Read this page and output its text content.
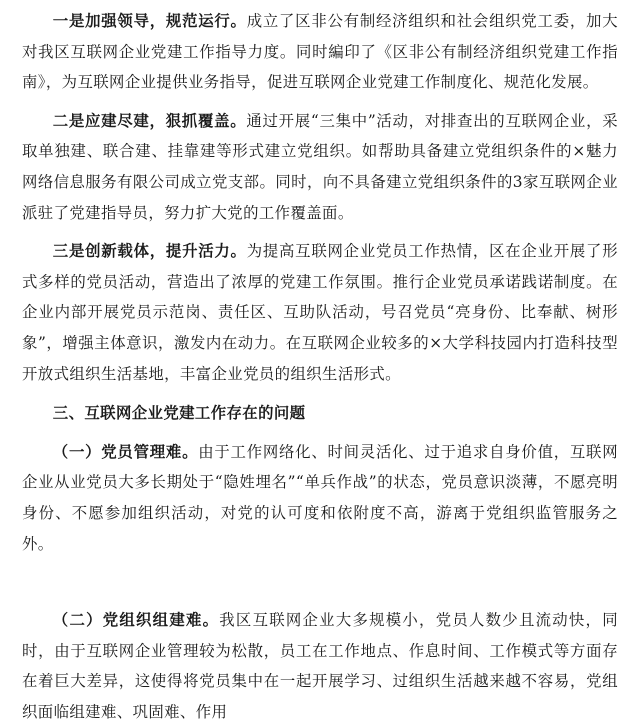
一是加强领导，规范运行。成立了区非公有制经济组织和社会组织党工委，加大对我区互联网企业党建工作指导力度。同时編印了《区非公有制经济组织党建工作指南》，为互联网企业提供业务指导，促进互联网企业党建工作制度化、规范化发展。

二是应建尽建，狠抓覆盖。通过开展“三集中”活动，对排查出的互联网企业，采取单独建、联合建、挂靠建等形式建立党组织。如帮助具备建立党组织条件的×魅力网络信息服务有限公司成立党支部。同时，向不具备建立党组织条件的3家互联网企业派驻了党建指导员，努力扩大党的工作覆盖面。

三是创新载体，提升活力。为提高互联网企业党员工作热情，区在企业开展了形式多样的党员活动，营造出了浓厚的党建工作氛围。推行企业党员承诺践诺制度。在企业内部开展党员示范岗、责任区、互助队活动，号召党员“亮身份、比奉献、树形象”，增强主体意识，激发内在动力。在互联网企业较多的×大学科技园内打造科技型开放式组织生活基地，丰富企业党员的组织生活形式。

三、互联网企业党建工作存在的问题

（一）党员管理难。由于工作网络化、时间灵活化、过于追求自身价值，互联网企业从业党员大多长期处于“隐姓埋名”“单兵作战”的状态，党员意识淡薄，不愿亮明身份、不愿参加组织活动，对党的认可度和依附度不高，游离于党组织监管服务之外。

（二）党组织组建难。我区互联网企业大多规模小，党员人数少且流动快，同时，由于互联网企业管理较为松散，员工在工作地点、作息时间、工作模式等方面存在着巨大差异，这使得将党员集中在一起开展学习、过组织生活越来越不容易，党组织面临组建难、巩固难、作用
